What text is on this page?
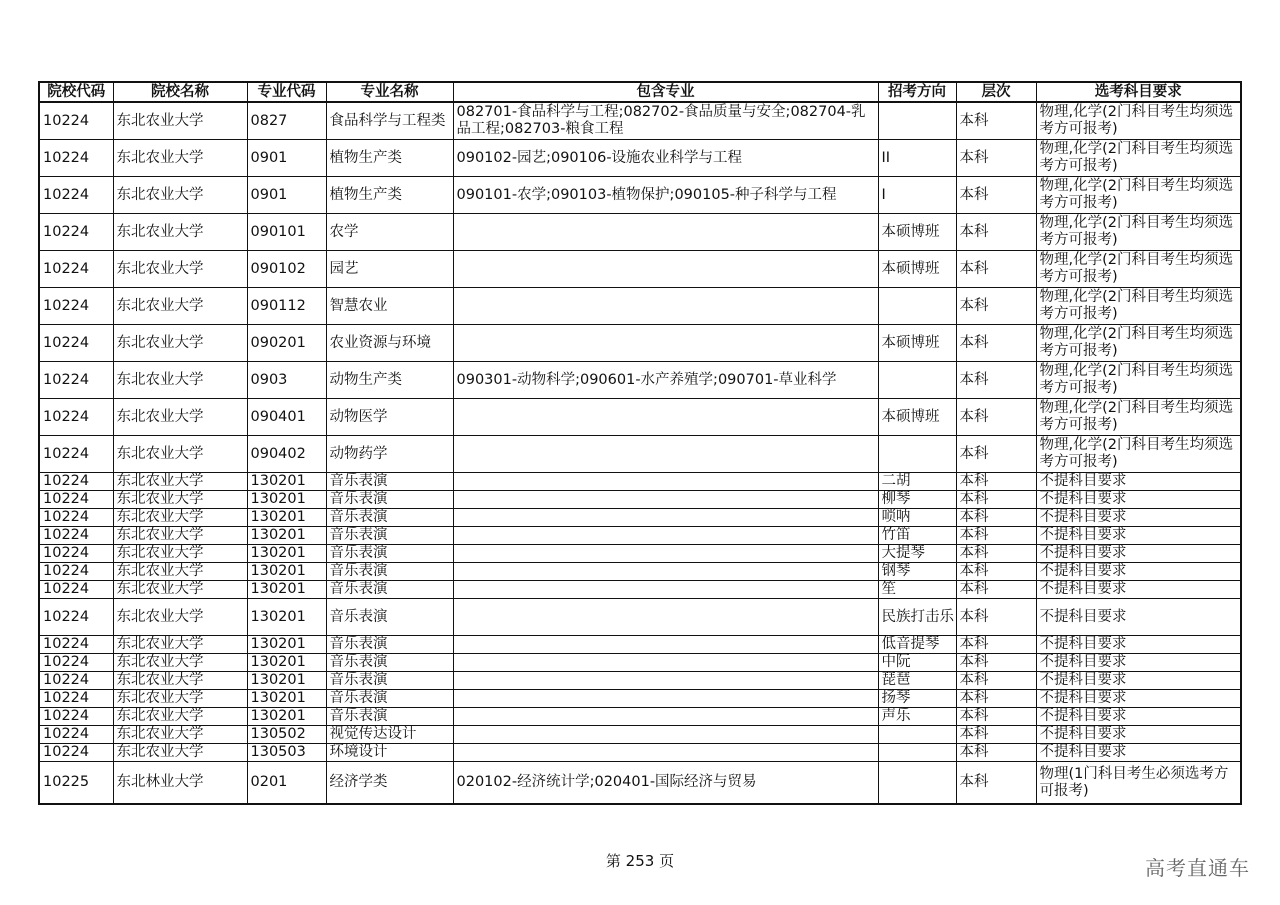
院校代码	院校名称	专业代码	专业名称	包含专业	招考方向	层次	选考科目要求
10224	东北农业大学	0827	食品科学与工程类	082701-食品科学与工程;082702-食品质量与安全;082704-乳品工程;082703-粮食工程		本科	物理,化学(2门科目考生均须选考方可报考)
10224	东北农业大学	0901	植物生产类	090102-园艺;090106-设施农业科学与工程	II	本科	物理,化学(2门科目考生均须选考方可报考)
10224	东北农业大学	0901	植物生产类	090101-农学;090103-植物保护;090105-种子科学与工程	I	本科	物理,化学(2门科目考生均须选考方可报考)
10224	东北农业大学	090101	农学		本硕博班	本科	物理,化学(2门科目考生均须选考方可报考)
10224	东北农业大学	090102	园艺		本硕博班	本科	物理,化学(2门科目考生均须选考方可报考)
10224	东北农业大学	090112	智慧农业			本科	物理,化学(2门科目考生均须选考方可报考)
10224	东北农业大学	090201	农业资源与环境		本硕博班	本科	物理,化学(2门科目考生均须选考方可报考)
10224	东北农业大学	0903	动物生产类	090301-动物科学;090601-水产养殖学;090701-草业科学		本科	物理,化学(2门科目考生均须选考方可报考)
10224	东北农业大学	090401	动物医学		本硕博班	本科	物理,化学(2门科目考生均须选考方可报考)
10224	东北农业大学	090402	动物药学			本科	物理,化学(2门科目考生均须选考方可报考)
10224	东北农业大学	130201	音乐表演		二胡	本科	不提科目要求
10224	东北农业大学	130201	音乐表演		柳琴	本科	不提科目要求
10224	东北农业大学	130201	音乐表演		唢呐	本科	不提科目要求
10224	东北农业大学	130201	音乐表演		竹笛	本科	不提科目要求
10224	东北农业大学	130201	音乐表演		大提琴	本科	不提科目要求
10224	东北农业大学	130201	音乐表演		钢琴	本科	不提科目要求
10224	东北农业大学	130201	音乐表演		笙	本科	不提科目要求
10224	东北农业大学	130201	音乐表演		民族打击乐	本科	不提科目要求
10224	东北农业大学	130201	音乐表演		低音提琴	本科	不提科目要求
10224	东北农业大学	130201	音乐表演		中阮	本科	不提科目要求
10224	东北农业大学	130201	音乐表演		琵琶	本科	不提科目要求
10224	东北农业大学	130201	音乐表演		扬琴	本科	不提科目要求
10224	东北农业大学	130201	音乐表演		声乐	本科	不提科目要求
10224	东北农业大学	130502	视觉传达设计			本科	不提科目要求
10224	东北农业大学	130503	环境设计			本科	不提科目要求
10225	东北林业大学	0201	经济学类	020102-经济统计学;020401-国际经济与贸易		本科	物理(1门科目考生必须选考方可报考)
第 253 页	高考直通车
